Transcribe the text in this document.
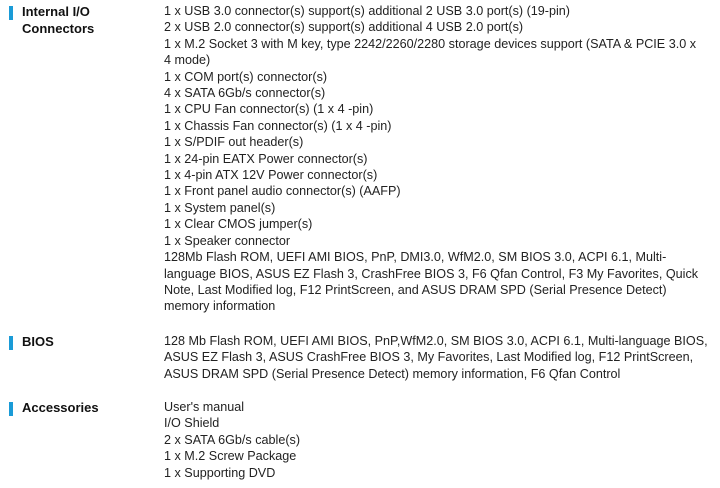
Internal I/O
Connectors
1 x USB 3.0 connector(s) support(s) additional 2 USB 3.0 port(s) (19-pin)
2 x USB 2.0 connector(s) support(s) additional 4 USB 2.0 port(s)
1 x M.2 Socket 3 with M key, type 2242/2260/2280 storage devices support (SATA & PCIE 3.0 x 4 mode)
1 x COM port(s) connector(s)
4 x SATA 6Gb/s connector(s)
1 x CPU Fan connector(s) (1 x 4 -pin)
1 x Chassis Fan connector(s) (1 x 4 -pin)
1 x S/PDIF out header(s)
1 x 24-pin EATX Power connector(s)
1 x 4-pin ATX 12V Power connector(s)
1 x Front panel audio connector(s) (AAFP)
1 x System panel(s)
1 x Clear CMOS jumper(s)
1 x Speaker connector
128Mb Flash ROM, UEFI AMI BIOS, PnP, DMI3.0, WfM2.0, SM BIOS 3.0, ACPI 6.1, Multi-language BIOS, ASUS EZ Flash 3, CrashFree BIOS 3, F6 Qfan Control, F3 My Favorites, Quick Note, Last Modified log, F12 PrintScreen, and ASUS DRAM SPD (Serial Presence Detect) memory information
BIOS	128 Mb Flash ROM, UEFI AMI BIOS, PnP,WfM2.0, SM BIOS 3.0, ACPI 6.1, Multi-language BIOS, ASUS EZ Flash 3, ASUS CrashFree BIOS 3, My Favorites, Last Modified log, F12 PrintScreen, ASUS DRAM SPD (Serial Presence Detect) memory information, F6 Qfan Control
Accessories	User's manual
I/O Shield
2 x SATA 6Gb/s cable(s)
1 x M.2 Screw Package
1 x Supporting DVD
